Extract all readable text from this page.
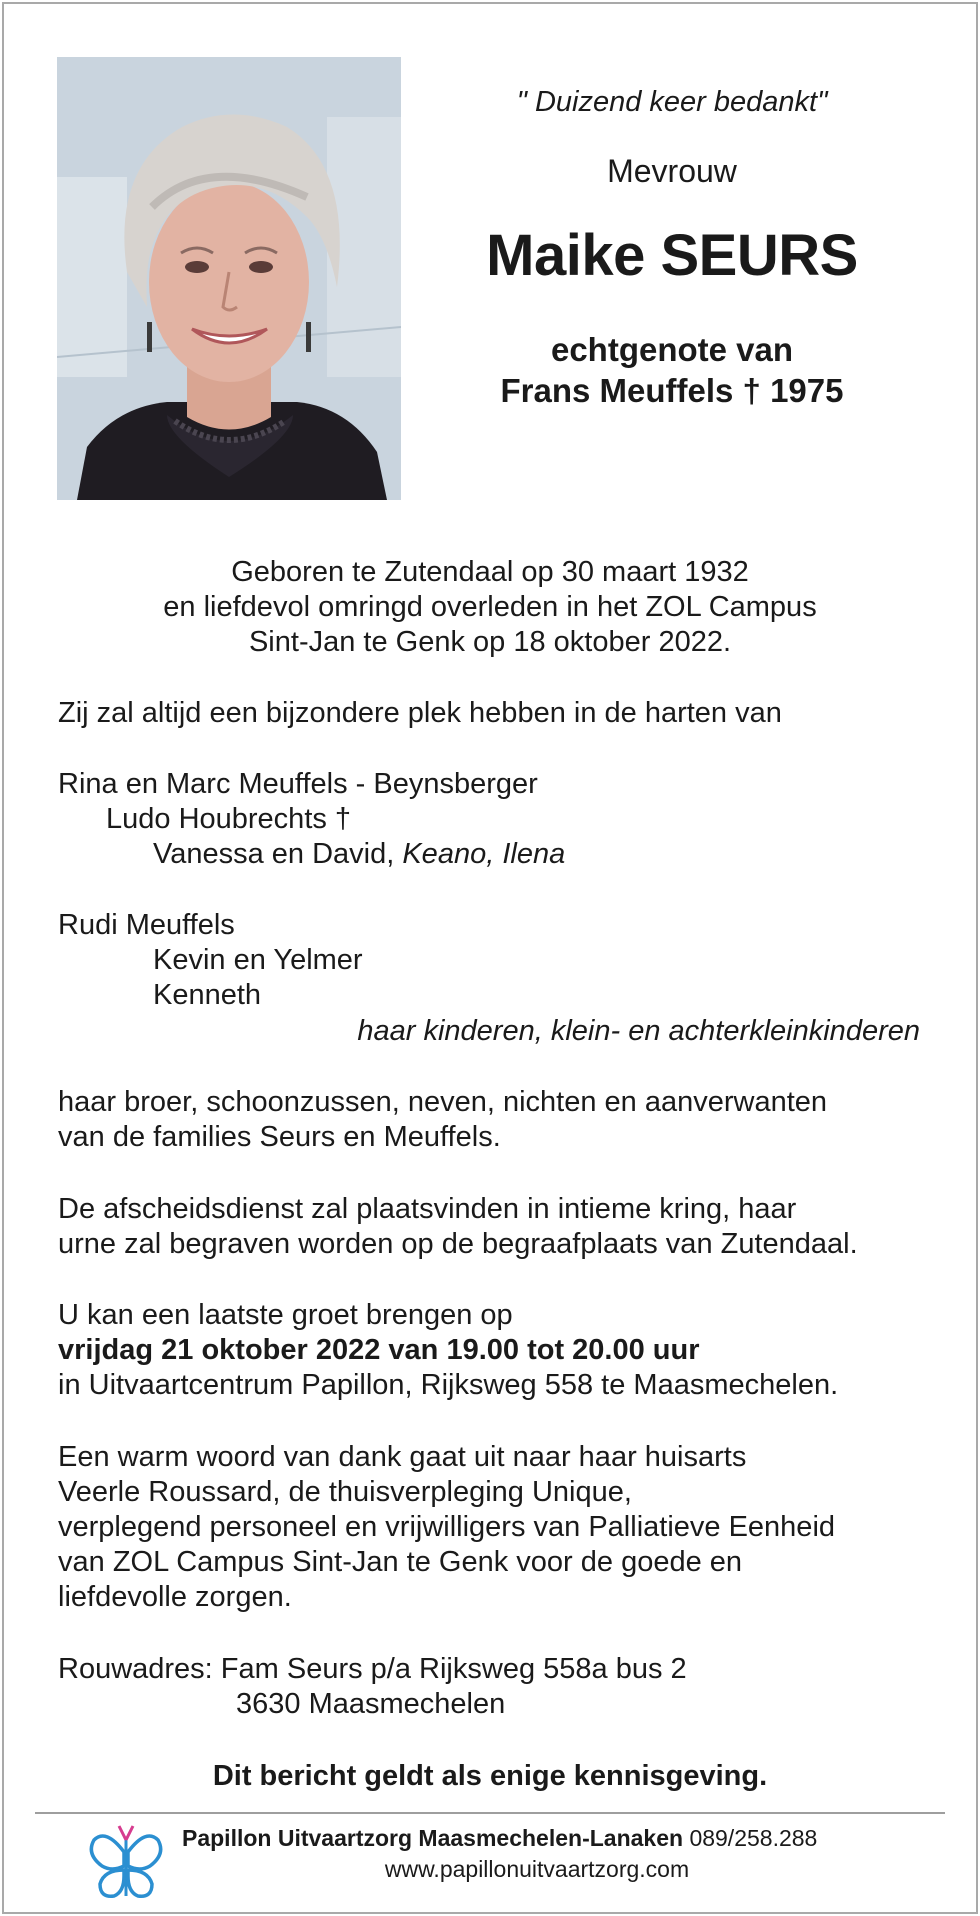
" Duizend keer bedankt"
Mevrouw
Maike SEURS
echtgenote van
Frans Meuffels † 1975
Geboren te Zutendaal op 30 maart 1932
en liefdevol omringd overleden in het ZOL Campus
Sint-Jan te Genk op 18 oktober 2022.
Zij zal altijd een bijzondere plek hebben in de harten van
Rina en Marc Meuffels - Beynsberger
Ludo Houbrechts †
Vanessa en David, Keano, Ilena
Rudi Meuffels
Kevin en Yelmer
Kenneth
haar kinderen, klein- en achterkleinkinderen
haar broer, schoonzussen, neven, nichten en aanverwanten
van de families Seurs en Meuffels.
De afscheidsdienst zal plaatsvinden in intieme kring, haar
urne zal begraven worden op de begraafplaats van Zutendaal.
U kan een laatste groet brengen op
vrijdag 21 oktober 2022 van 19.00 tot 20.00 uur
in Uitvaartcentrum Papillon, Rijksweg 558 te Maasmechelen.
Een warm woord van dank gaat uit naar haar huisarts
Veerle Roussard, de thuisverpleging Unique,
verplegend personeel en vrijwilligers van Palliatieve Eenheid
van ZOL Campus Sint-Jan te Genk voor de goede en
liefdevolle zorgen.
Rouwadres: Fam Seurs p/a Rijksweg 558a bus 2
3630 Maasmechelen
Dit bericht geldt als enige kennisgeving.
Papillon Uitvaartzorg Maasmechelen-Lanaken 089/258.288
www.papillonuitvaartzorg.com
